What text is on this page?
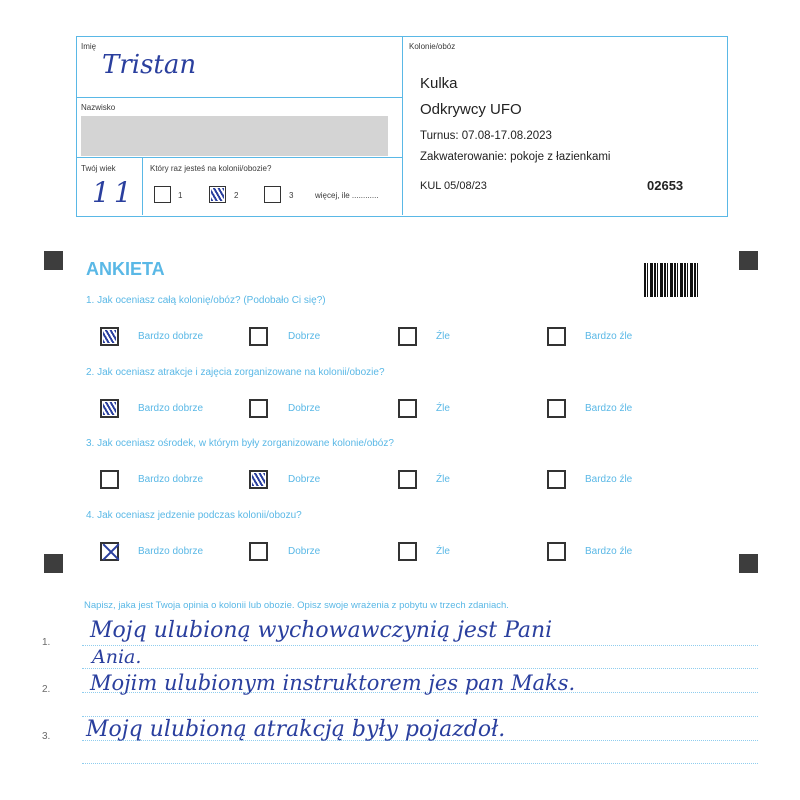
Imię
Tristan
Nazwisko
Twój wiek
11
Który raz jesteś na kolonii/obozie?
1	2	3	więcej, ile ............
Kolonie/obóz
Kulka
Odkrywcy UFO
Turnus: 07.08-17.08.2023
Zakwaterowanie: pokoje z łazienkami
KUL 05/08/23	02653
ANKIETA
1. Jak oceniasz całą kolonię/obóz? (Podobało Ci się?)
Bardzo dobrze	Dobrze	Źle	Bardzo źle
2. Jak oceniasz atrakcje i zajęcia zorganizowane na kolonii/obozie?
Bardzo dobrze	Dobrze	Źle	Bardzo źle
3. Jak oceniasz ośrodek, w którym były zorganizowane kolonie/obóz?
Bardzo dobrze	Dobrze	Źle	Bardzo źle
4. Jak oceniasz jedzenie podczas kolonii/obozu?
Bardzo dobrze	Dobrze	Źle	Bardzo źle
Napisz, jaka jest Twoja opinia o kolonii lub obozie. Opisz swoje wrażenia z pobytu w trzech zdaniach.
1.
2.
3.
Mojq ulubioną wychowawczynią jest Pani
Ania.
Mojim ulubionym instruktorem jes pan Maks.
Mojq ulubioną atrakcją były pojazdoł.
